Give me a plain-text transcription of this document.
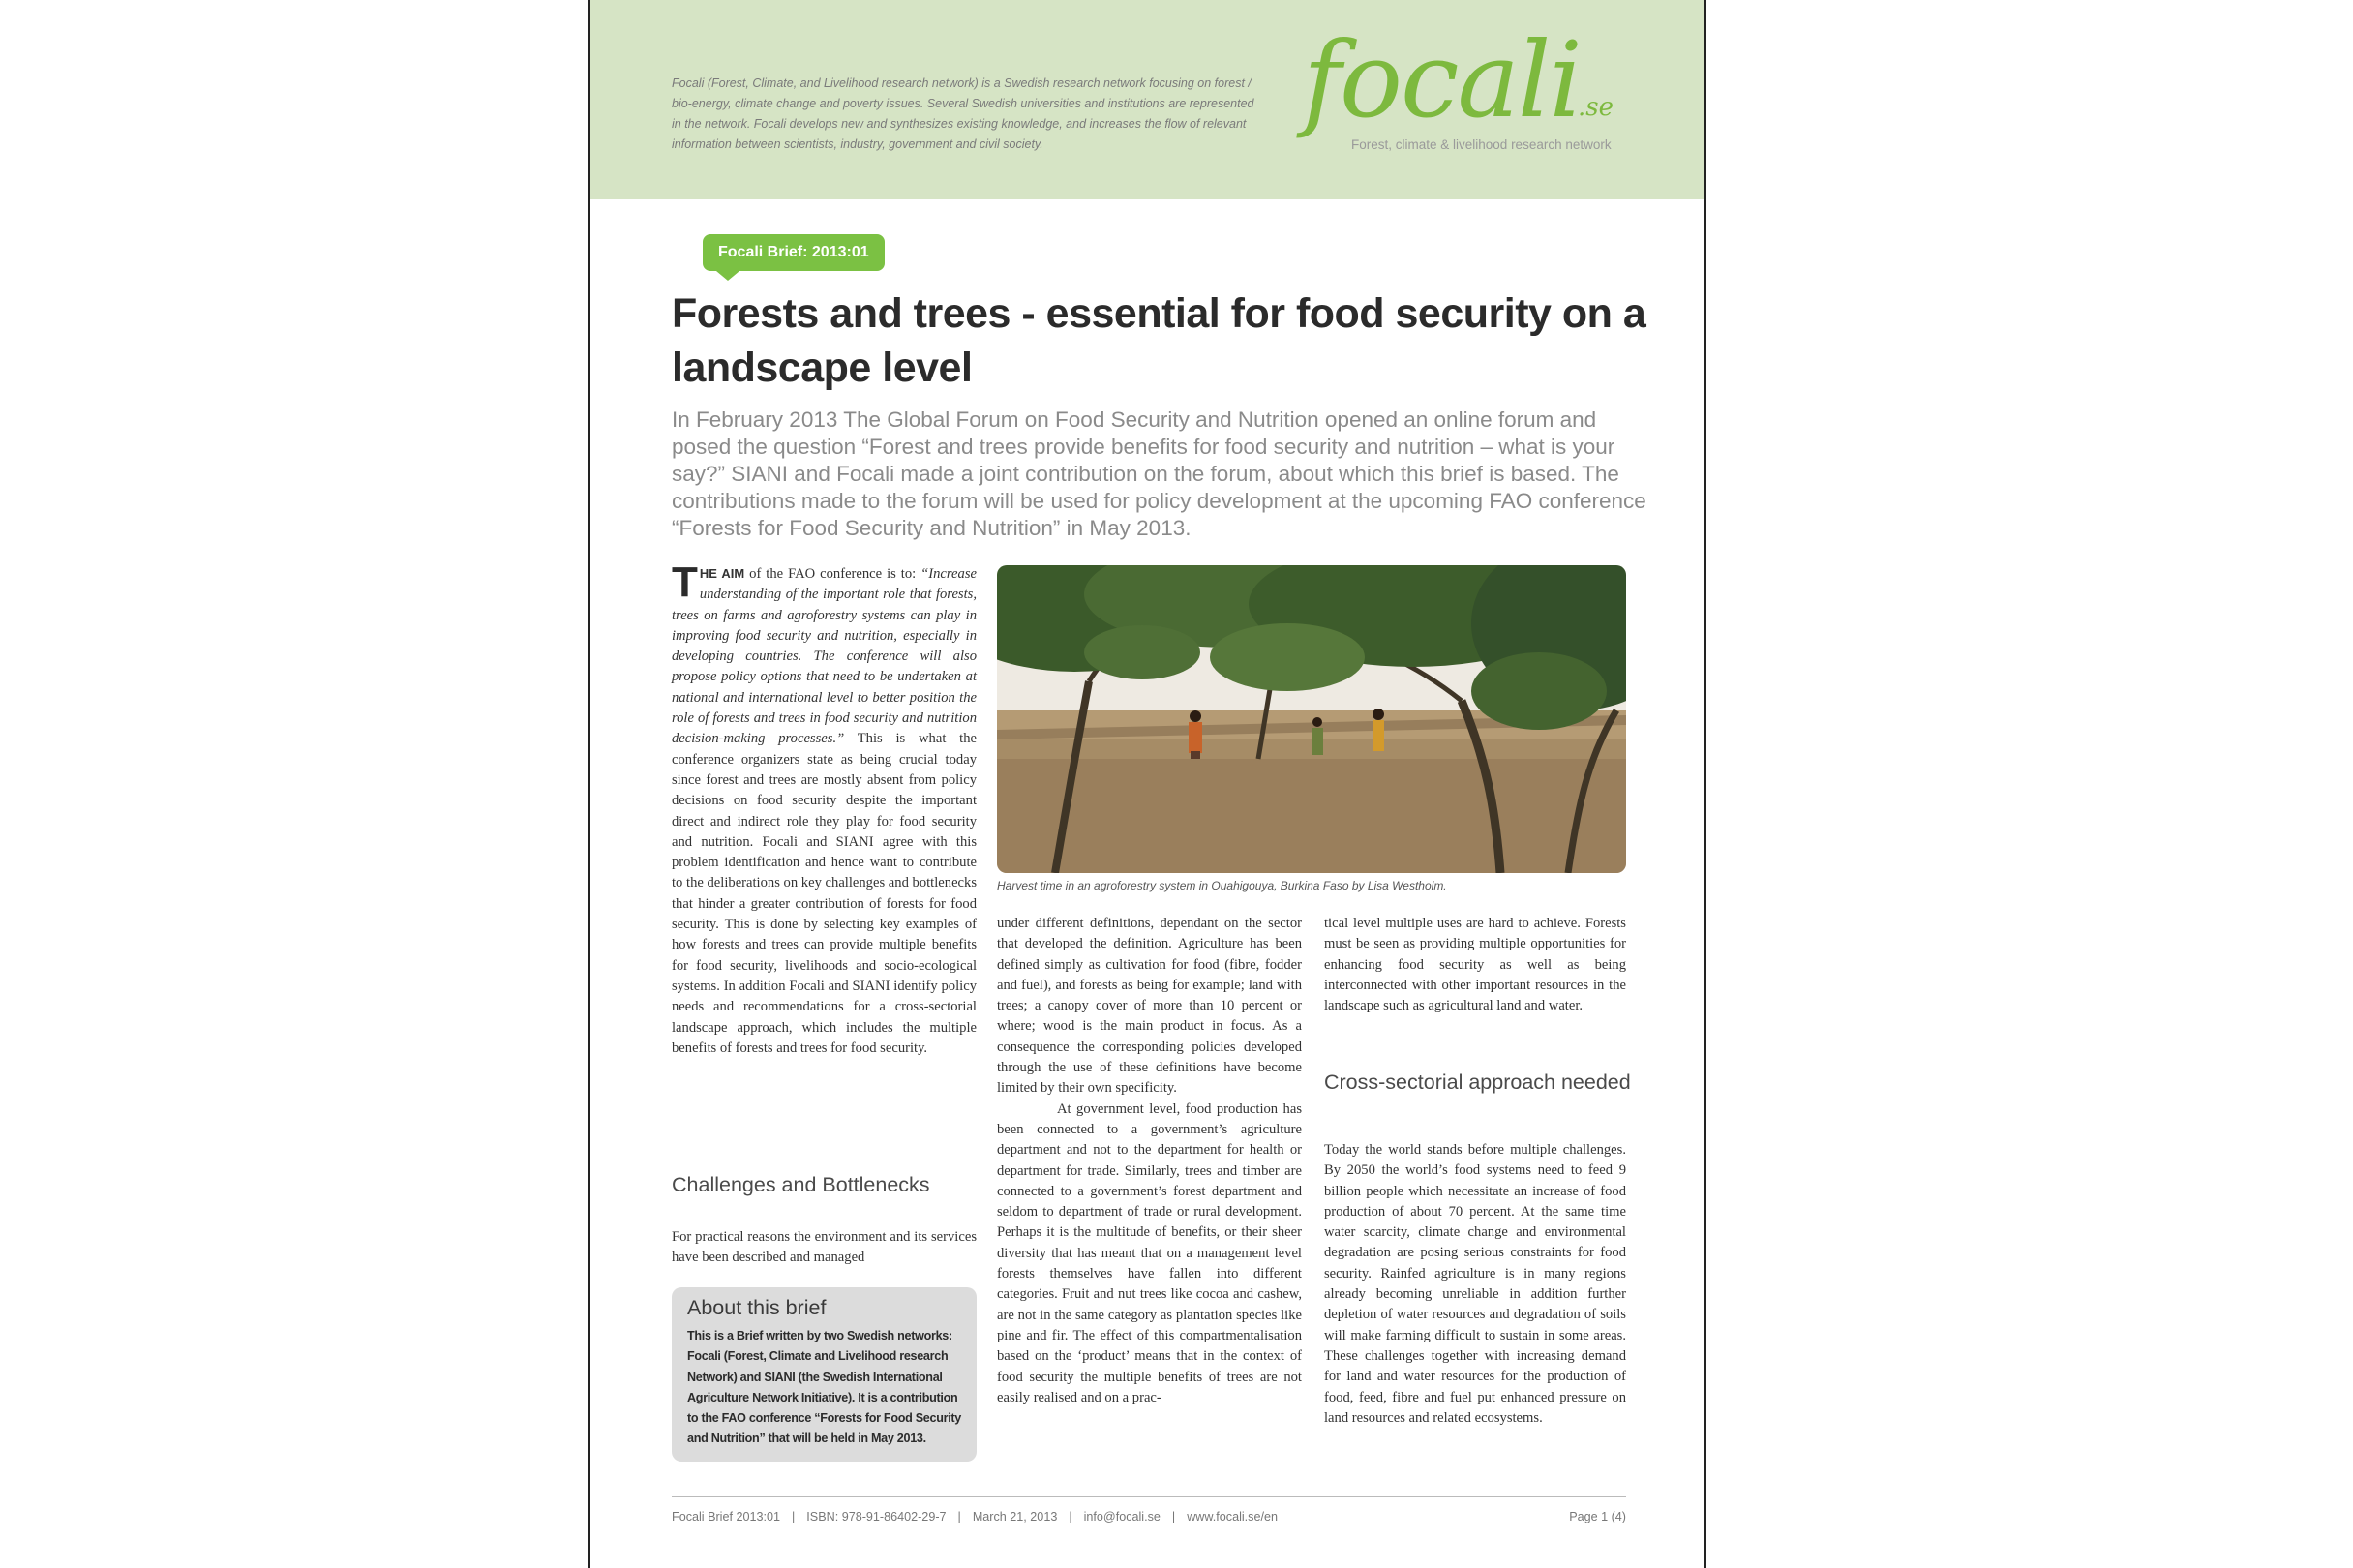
Focali (Forest, Climate, and Livelihood research network) is a Swedish research network focusing on forest / bio-energy, climate change and poverty issues. Several Swedish universities and institutions are represented in the network. Focali develops new and synthesizes existing knowledge, and increases the flow of relevant information between scientists, industry, government and civil society.

focali
.se
Forest, climate & livelihood research network
Focali Brief: 2013:01
Forests and trees - essential for food security on a landscape level

In February 2013 The Global Forum on Food Security and Nutrition opened an online forum and posed the question “Forest and trees provide benefits for food security and nutrition – what is your say?” SIANI and Focali made a joint contribution on the forum, about which this brief is based. The contributions made to the forum will be used for policy development at the upcoming FAO conference “Forests for Food Security and Nutrition” in May 2013.

THE AIM of the FAO conference is to: “Increase understanding of the important role that forests, trees on farms and agroforestry systems can play in improving food security and nutrition, especially in developing countries. The conference will also propose policy options that need to be undertaken at national and international level to better position the role of forests and trees in food security and nutrition decision-making processes.” This is what the conference organizers state as being crucial today since forest and trees are mostly absent from policy decisions on food security despite the important direct and indirect role they play for food security and nutrition. Focali and SIANI agree with this problem identification and hence want to contribute to the deliberations on key challenges and bottlenecks that hinder a greater contribution of forests for food security. This is done by selecting key examples of how forests and trees can provide multiple benefits for food security, livelihoods and socio-ecological systems. In addition Focali and SIANI identify policy needs and recommendations for a cross-sectorial landscape approach, which includes the multiple benefits of forests and trees for food security.

Challenges and Bottlenecks

For practical reasons the environment and its services have been described and managed

About this brief

This is a Brief written by two Swedish networks: Focali (Forest, Climate and Livelihood research Network) and SIANI (the Swedish International Agriculture Network Initiative). It is a contribution to the FAO conference “Forests for Food Security and Nutrition” that will be held in May 2013.

Harvest time in an agroforestry system in Ouahigouya, Burkina Faso by Lisa Westholm.

under different definitions, dependant on the sector that developed the definition. Agriculture has been defined simply as cultivation for food (fibre, fodder and fuel), and forests as being for example; land with trees; a canopy cover of more than 10 percent or where; wood is the main product in focus. As a consequence the corresponding policies developed through the use of these definitions have become limited by their own specificity.

At government level, food production has been connected to a government’s agriculture department and not to the department for health or department for trade. Similarly, trees and timber are connected to a government’s forest department and seldom to department of trade or rural development. Perhaps it is the multitude of benefits, or their sheer diversity that has meant that on a management level forests themselves have fallen into different categories. Fruit and nut trees like cocoa and cashew, are not in the same category as plantation species like pine and fir. The effect of this compartmentalisation based on the ‘product’ means that in the context of food security the multiple benefits of trees are not easily realised and on a prac-

tical level multiple uses are hard to achieve. Forests must be seen as providing multiple opportunities for enhancing food security as well as being interconnected with other important resources in the landscape such as agricultural land and water.

Cross-sectorial approach needed

Today the world stands before multiple challenges. By 2050 the world’s food systems need to feed 9 billion people which necessitate an increase of food production of about 70 percent. At the same time water scarcity, climate change and environmental degradation are posing serious constraints for food security. Rainfed agriculture is in many regions already becoming unreliable in addition further depletion of water resources and degradation of soils will make farming difficult to sustain in some areas. These challenges together with increasing demand for land and water resources for the production of food, feed, fibre and fuel put enhanced pressure on land resources and related ecosystems.

Focali Brief 2013:01 | ISBN: 978-91-86402-29-7 | March 21, 2013 | info@focali.se | www.focali.se/en	Page 1 (4)
